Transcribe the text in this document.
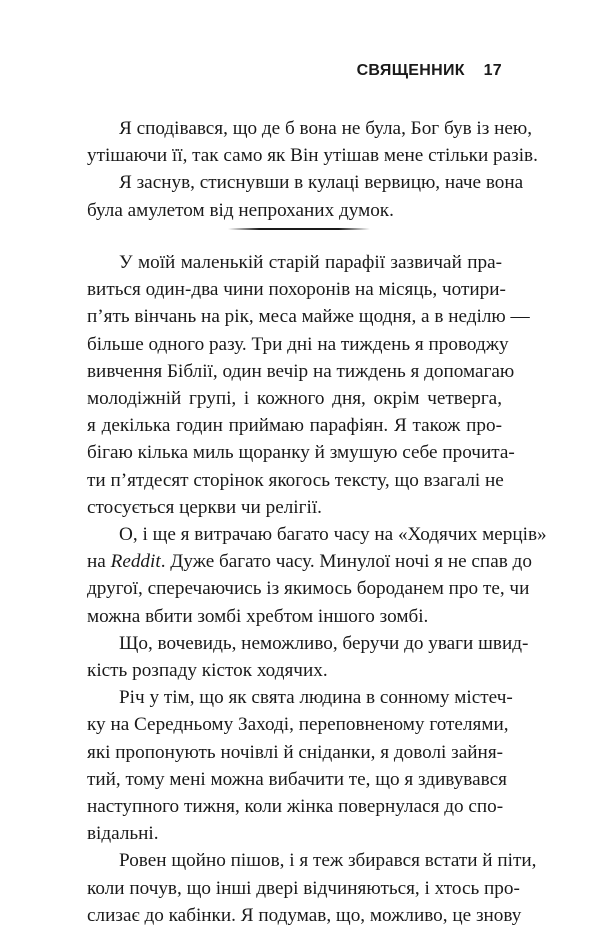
СВЯЩЕННИК 17

Я сподівався, що де б вона не була, Бог був із нею,

утішаючи її, так само як Він утішав мене стільки разів.

Я заснув, стиснувши в кулаці вервицю, наче вона

була амулетом від непроханих думок.

У моїй маленькій старій парафії зазвичай пра-

виться один-два чини похоронів на місяць, чотири-

п’ять вінчань на рік, меса майже щодня, а в неділю —

більше одного разу. Три дні на тиждень я проводжу

вивчення Біблії, один вечір на тиждень я допомагаю

молодіжній групі, і кожного дня, окрім четверга,

я декілька годин приймаю парафіян. Я також про-

бігаю кілька миль щоранку й змушую себе прочита-

ти п’ятдесят сторінок якогось тексту, що взагалі не

стосується церкви чи релігії.

О, і ще я витрачаю багато часу на «Ходячих мерців»

на Reddit. Дуже багато часу. Минулої ночі я не спав до

другої, сперечаючись із якимось бороданем про те, чи

можна вбити зомбі хребтом іншого зомбі.

Що, вочевидь, неможливо, беручи до уваги швид-

кість розпаду кісток ходячих.

Річ у тім, що як свята людина в сонному містеч-

ку на Середньому Заході, переповненому готелями,

які пропонують ночівлі й сніданки, я доволі зайня-

тий, тому мені можна вибачити те, що я здивувався

наступного тижня, коли жінка повернулася до спо-

відальні.

Ровен щойно пішов, і я теж збирався встати й піти,

коли почув, що інші двері відчиняються, і хтось про-

слизає до кабінки. Я подумав, що, можливо, це знову
